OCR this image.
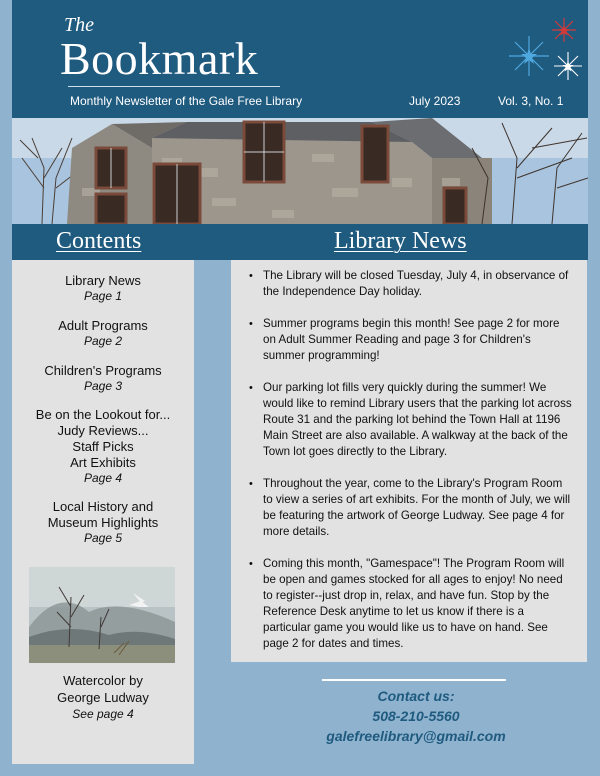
The
Bookmark
Monthly Newsletter of the Gale Free Library	July 2023	Vol. 3, No. 1
Contents	Library News
Library News
Page 1
Adult Programs
Page 2
Children's Programs
Page 3
Be on the Lookout for...
Judy Reviews...
Staff Picks
Art Exhibits
Page 4
Local History and
Museum Highlights
Page 5
Watercolor by
George Ludway
See page 4
• The Library will be closed Tuesday, July 4, in observance of the Independence Day holiday.
• Summer programs begin this month! See page 2 for more on Adult Summer Reading and page 3 for Children's summer programming!
• Our parking lot fills very quickly during the summer! We would like to remind Library users that the parking lot across Route 31 and the parking lot behind the Town Hall at 1196 Main Street are also available. A walkway at the back of the Town lot goes directly to the Library.
• Throughout the year, come to the Library's Program Room to view a series of art exhibits. For the month of July, we will be featuring the artwork of George Ludway. See page 4 for more details.
• Coming this month, "Gamespace"! The Program Room will be open and games stocked for all ages to enjoy! No need to register--just drop in, relax, and have fun. Stop by the Reference Desk anytime to let us know if there is a particular game you would like us to have on hand. See page 2 for dates and times.
Contact us:
508-210-5560
galefreelibrary@gmail.com
